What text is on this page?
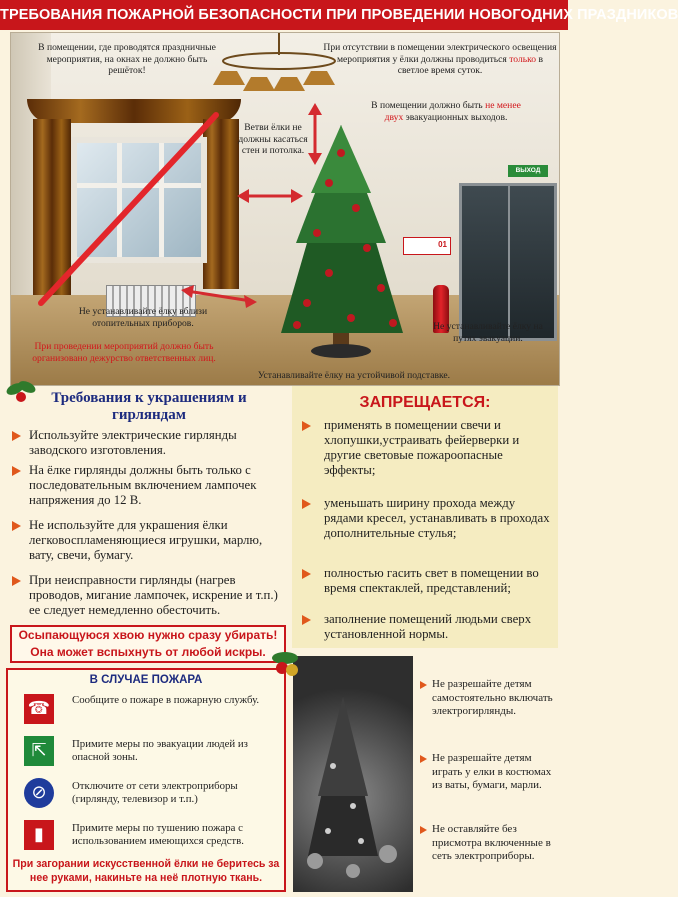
ТРЕБОВАНИЯ ПОЖАРНОЙ БЕЗОПАСНОСТИ ПРИ ПРОВЕДЕНИИ НОВОГОДНИХ ПРАЗДНИКОВ
ВЫХОД
01
В помещении, где проводятся праздничные мероприятия, на окнах не должно быть решёток!
При отсутствии в помещении электрического освещения мероприятия у ёлки должны проводиться только в светлое время суток.
В помещении должно быть не менее двух эвакуационных выходов.
Ветви ёлки не должны касаться стен и потолка.
Не устанавливайте ёлку вблизи отопительных приборов.
При проведении мероприятий должно быть организовано дежурство ответственных лиц.
Не устанавливайте ёлку на путях эвакуации.
Устанавливайте ёлку на устойчивой подставке.
Требования к украшениям и гирляндам
Используйте электрические гирлянды заводского изготовления.
На ёлке гирлянды должны быть только с последовательным включением лампочек напряжения до 12 В.
Не используйте для украшения ёлки легковоспламеняющиеся игрушки, марлю, вату, свечи, бумагу.
При неисправности гирлянды (нагрев проводов, мигание лампочек, искрение и т.п.) ее следует немедленно обесточить.
Осыпающуюся хвою нужно сразу убирать! Она может вспыхнуть от любой искры.
ЗАПРЕЩАЕТСЯ:
применять в помещении свечи и хлопушки,устраивать фейерверки и другие световые пожароопасные эффекты;
уменьшать ширину прохода между рядами кресел, устанавливать в проходах дополнительные стулья;
полностью гасить свет в помещении во время спектаклей, представлений;
заполнение помещений людьми сверх установленной нормы.
В СЛУЧАЕ ПОЖАРА
☎	Сообщите о пожаре в пожарную службу.
⇱	Примите меры по эвакуации людей из опасной зоны.
⊘	Отключите от сети электроприборы (гирлянду, телевизор и т.п.)
▮	Примите меры по тушению пожара с использованием имеющихся средств.
При загорании искусственной ёлки не беритесь за нее руками, накиньте на неё плотную ткань.
Не разрешайте детям самостоятельно включать электрогирлянды.
Не разрешайте детям играть у елки в костюмах из ваты, бумаги, марли.
Не оставляйте без присмотра включенные в сеть электроприборы.
